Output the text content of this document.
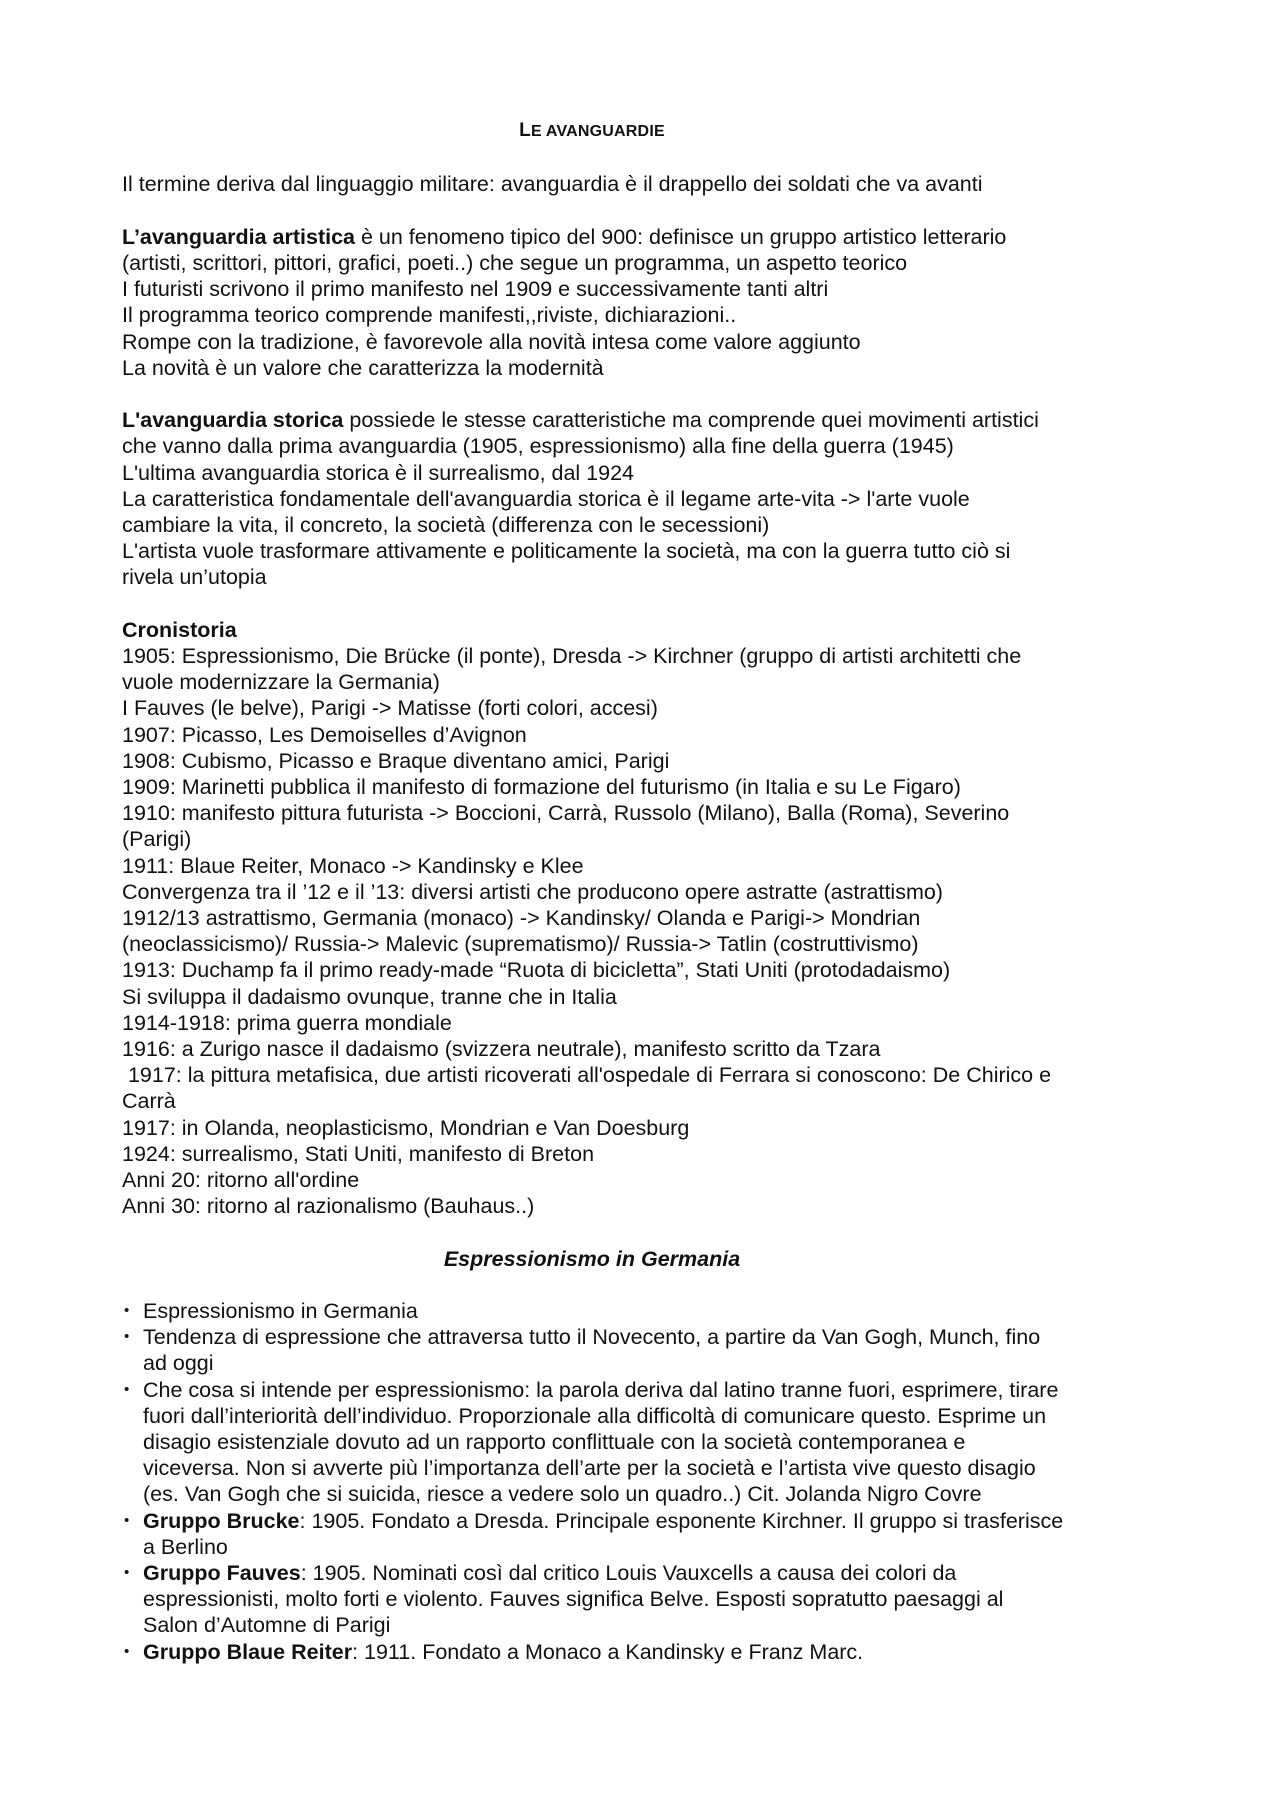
LE AVANGUARDIE
Il termine deriva dal linguaggio militare: avanguardia è il drappello dei soldati che va avanti
L’avanguardia artistica è un fenomeno tipico del 900: definisce un gruppo artistico letterario
(artisti, scrittori, pittori, grafici, poeti..) che segue un programma, un aspetto teorico
I futuristi scrivono il primo manifesto nel 1909 e successivamente tanti altri
Il programma teorico comprende manifesti,,riviste, dichiarazioni..
Rompe con la tradizione, è favorevole alla novità intesa come valore aggiunto
La novità è un valore che caratterizza la modernità
L'avanguardia storica possiede le stesse caratteristiche ma comprende quei movimenti artistici
che vanno dalla prima avanguardia (1905, espressionismo) alla fine della guerra (1945)
L'ultima avanguardia storica è il surrealismo, dal 1924
La caratteristica fondamentale dell'avanguardia storica è il legame arte-vita -> l'arte vuole
cambiare la vita, il concreto, la società (differenza con le secessioni)
L'artista vuole trasformare attivamente e politicamente la società, ma con la guerra tutto ciò si
rivela un’utopia
Cronistoria
1905: Espressionismo, Die Brücke (il ponte), Dresda -> Kirchner (gruppo di artisti architetti che
vuole modernizzare la Germania)
I Fauves (le belve), Parigi -> Matisse (forti colori, accesi)
1907: Picasso, Les Demoiselles d’Avignon
1908: Cubismo, Picasso e Braque diventano amici, Parigi
1909: Marinetti pubblica il manifesto di formazione del futurismo (in Italia e su Le Figaro)
1910: manifesto pittura futurista -> Boccioni, Carrà, Russolo (Milano), Balla (Roma), Severino
(Parigi)
1911: Blaue Reiter, Monaco -> Kandinsky e Klee
Convergenza tra il ’12 e il ’13: diversi artisti che producono opere astratte (astrattismo)
1912/13 astrattismo, Germania (monaco) -> Kandinsky/ Olanda e Parigi-> Mondrian
(neoclassicismo)/ Russia-> Malevic (suprematismo)/ Russia-> Tatlin (costruttivismo)
1913: Duchamp fa il primo ready-made “Ruota di bicicletta”, Stati Uniti (protodadaismo)
Si sviluppa il dadaismo ovunque, tranne che in Italia
1914-1918: prima guerra mondiale
1916: a Zurigo nasce il dadaismo (svizzera neutrale), manifesto scritto da Tzara
1917: la pittura metafisica, due artisti ricoverati all'ospedale di Ferrara si conoscono: De Chirico e
Carrà
1917: in Olanda, neoplasticismo, Mondrian e Van Doesburg
1924: surrealismo, Stati Uniti, manifesto di Breton
Anni 20: ritorno all'ordine
Anni 30: ritorno al razionalismo (Bauhaus..)
Espressionismo in Germania
• Espressionismo in Germania
• Tendenza di espressione che attraversa tutto il Novecento, a partire da Van Gogh, Munch, fino
ad oggi
• Che cosa si intende per espressionismo: la parola deriva dal latino tranne fuori, esprimere, tirare
fuori dall’interiorità dell’individuo. Proporzionale alla difficoltà di comunicare questo. Esprime un
disagio esistenziale dovuto ad un rapporto conflittuale con la società contemporanea e
viceversa. Non si avverte più l’importanza dell’arte per la società e l’artista vive questo disagio
(es. Van Gogh che si suicida, riesce a vedere solo un quadro..) Cit. Jolanda Nigro Covre
• Gruppo Brucke: 1905. Fondato a Dresda. Principale esponente Kirchner. Il gruppo si trasferisce
a Berlino
• Gruppo Fauves: 1905. Nominati così dal critico Louis Vauxcells a causa dei colori da
espressionisti, molto forti e violento. Fauves significa Belve. Esposti sopratutto paesaggi al
Salon d’Automne di Parigi
• Gruppo Blaue Reiter: 1911. Fondato a Monaco a Kandinsky e Franz Marc.
